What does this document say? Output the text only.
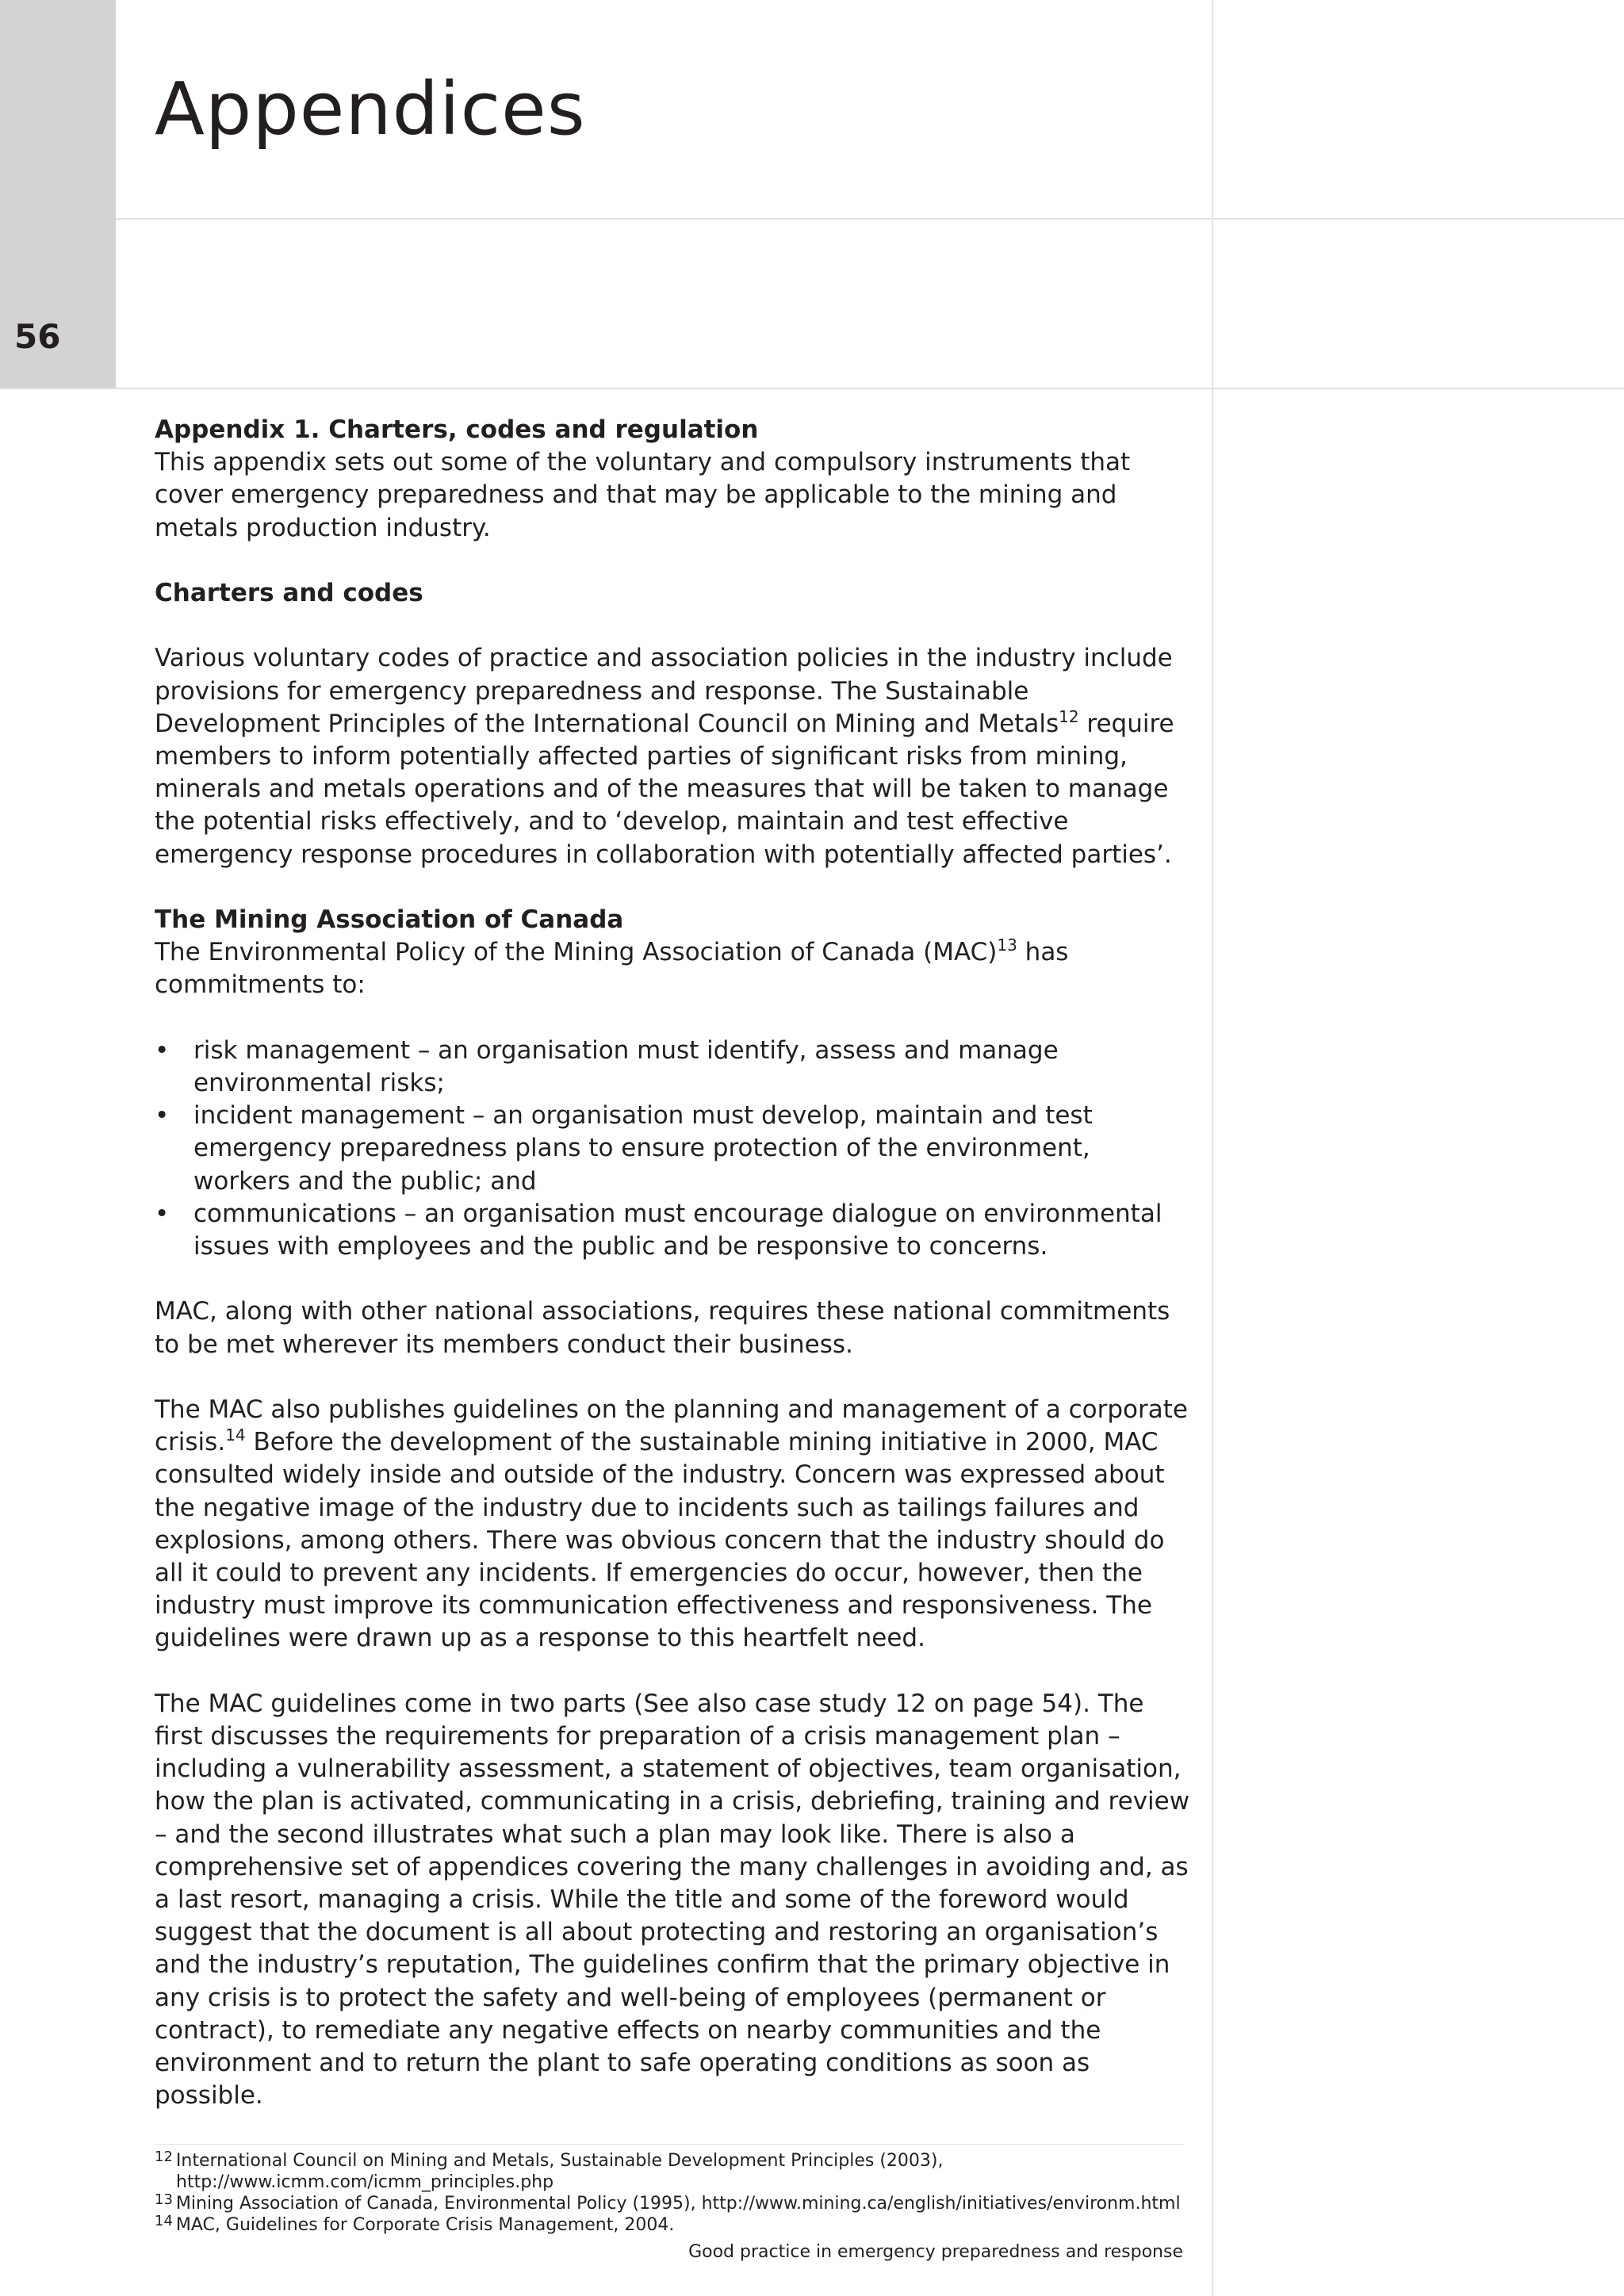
56
Appendices
Appendix 1. Charters, codes and regulation

This appendix sets out some of the voluntary and compulsory instruments that cover emergency preparedness and that may be applicable to the mining and metals production industry.

Charters and codes

Various voluntary codes of practice and association policies in the industry include provisions for emergency preparedness and response. The Sustainable Development Principles of the International Council on Mining and Metals$^{12}$ require members to inform potentially affected parties of significant risks from mining, minerals and metals operations and of the measures that will be taken to manage the potential risks effectively, and to ‘develop, maintain and test effective emergency response procedures in collaboration with potentially affected parties’.

The Mining Association of Canada

The Environmental Policy of the Mining Association of Canada (MAC)$^{13}$ has commitments to:

• risk management – an organisation must identify, assess and manage environmental risks;
• incident management – an organisation must develop, maintain and test emergency preparedness plans to ensure protection of the environment, workers and the public; and
• communications – an organisation must encourage dialogue on environmental issues with employees and the public and be responsive to concerns.

MAC, along with other national associations, requires these national commitments to be met wherever its members conduct their business.

The MAC also publishes guidelines on the planning and management of a corporate crisis.$^{14}$ Before the development of the sustainable mining initiative in 2000, MAC consulted widely inside and outside of the industry. Concern was expressed about the negative image of the industry due to incidents such as tailings failures and explosions, among others. There was obvious concern that the industry should do all it could to prevent any incidents. If emergencies do occur, however, then the industry must improve its communication effectiveness and responsiveness. The guidelines were drawn up as a response to this heartfelt need.

The MAC guidelines come in two parts (See also case study 12 on page 54). The first discusses the requirements for preparation of a crisis management plan – including a vulnerability assessment, a statement of objectives, team organisation, how the plan is activated, communicating in a crisis, debriefing, training and review – and the second illustrates what such a plan may look like. There is also a comprehensive set of appendices covering the many challenges in avoiding and, as a last resort, managing a crisis. While the title and some of the foreword would suggest that the document is all about protecting and restoring an organisation’s and the industry’s reputation, The guidelines confirm that the primary objective in any crisis is to protect the safety and well-being of employees (permanent or contract), to remediate any negative effects on nearby communities and the environment and to return the plant to safe operating conditions as soon as possible.

$^{12}$ International Council on Mining and Metals, Sustainable Development Principles (2003),

http://www.icmm.com/icmm_principles.php

$^{13}$ Mining Association of Canada, Environmental Policy (1995), http://www.mining.ca/english/initiatives/environm.html

$^{14}$ MAC, Guidelines for Corporate Crisis Management, 2004.

Good practice in emergency preparedness and response
